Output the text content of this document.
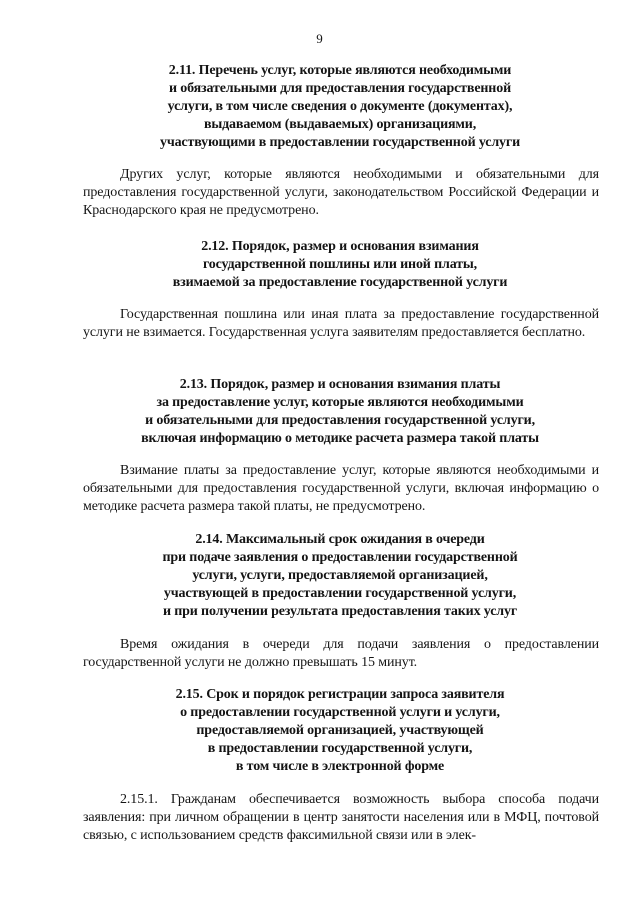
9
2.11. Перечень услуг, которые являются необходимыми
и обязательными для предоставления государственной
услуги, в том числе сведения о документе (документах),
выдаваемом (выдаваемых) организациями,
участвующими в предоставлении государственной услуги

Других услуг, которые являются необходимыми и обязательными для предоставления государственной услуги, законодательством Российской Федерации и Краснодарского края не предусмотрено.

2.12. Порядок, размер и основания взимания
государственной пошлины или иной платы,
взимаемой за предоставление государственной услуги

Государственная пошлина или иная плата за предоставление государственной услуги не взимается. Государственная услуга заявителям предоставляется бесплатно.

2.13. Порядок, размер и основания взимания платы
за предоставление услуг, которые являются необходимыми
и обязательными для предоставления государственной услуги,
включая информацию о методике расчета размера такой платы

Взимание платы за предоставление услуг, которые являются необходимыми и обязательными для предоставления государственной услуги, включая информацию о методике расчета размера такой платы, не предусмотрено.

2.14. Максимальный срок ожидания в очереди
при подаче заявления о предоставлении государственной
услуги, услуги, предоставляемой организацией,
участвующей в предоставлении государственной услуги,
и при получении результата предоставления таких услуг

Время ожидания в очереди для подачи заявления о предоставлении государственной услуги не должно превышать 15 минут.

2.15. Срок и порядок регистрации запроса заявителя
о предоставлении государственной услуги и услуги,
предоставляемой организацией, участвующей
в предоставлении государственной услуги,
в том числе в электронной форме

2.15.1. Гражданам обеспечивается возможность выбора способа подачи заявления: при личном обращении в центр занятости населения или в МФЦ, почтовой связью, с использованием средств факсимильной связи или в элек-
